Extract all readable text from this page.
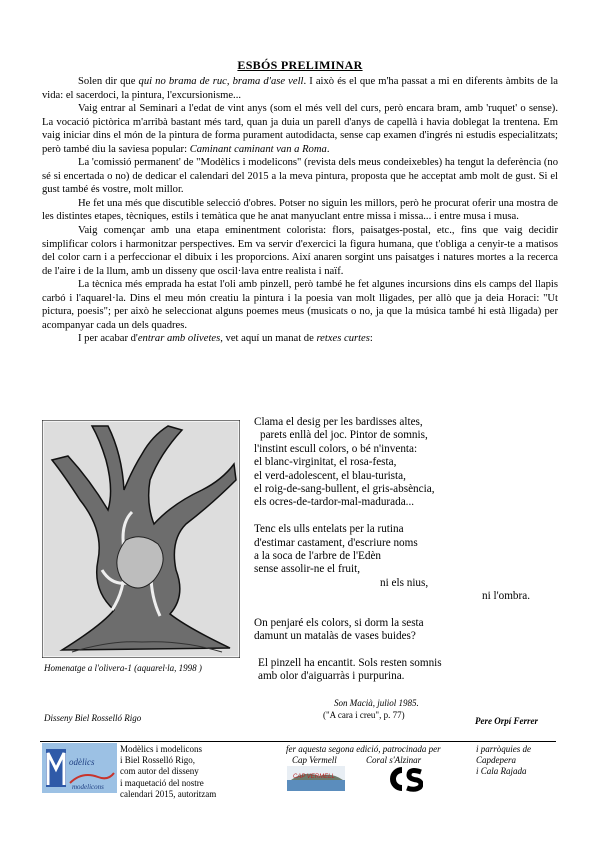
ESBÓS PRELIMINAR

Solen dir que qui no brama de ruc, brama d'ase vell. I això és el que m'ha passat a mi en diferents àmbits de la vida: el sacerdoci, la pintura, l'excursionisme...

Vaig entrar al Seminari a l'edat de vint anys (som el més vell del curs, però encara bram, amb 'ruquet' o sense). La vocació pictòrica m'arribà bastant més tard, quan ja duia un parell d'anys de capellà i havia doblegat la trentena. Em vaig iniciar dins el món de la pintura de forma purament autodidacta, sense cap examen d'ingrés ni estudis especialitzats; però també diu la saviesa popular: Caminant caminant van a Roma.

La 'comissió permanent' de "Modèlics i modelicons" (revista dels meus condeixebles) ha tengut la deferència (no sé si encertada o no) de dedicar el calendari del 2015 a la meva pintura, proposta que he acceptat amb molt de gust. Si el gust també és vostre, molt millor.

He fet una més que discutible selecció d'obres. Potser no siguin les millors, però he procurat oferir una mostra de les distintes etapes, tècniques, estils i temàtica que he anat manyuclant entre missa i missa... i entre musa i musa.

Vaig començar amb una etapa eminentment colorista: flors, paisatges-postal, etc., fins que vaig decidir simplificar colors i harmonitzar perspectives. Em va servir d'exercici la figura humana, que t'obliga a cenyir-te a matisos del color carn i a perfeccionar el dibuix i les proporcions. Així anaren sorgint uns paisatges i natures mortes a la recerca de l'aire i de la llum, amb un disseny que oscil·lava entre realista i naïf.

La tècnica més emprada ha estat l'oli amb pinzell, però també he fet algunes incursions dins els camps del llapis carbó i l'aquarel·la. Dins el meu món creatiu la pintura i la poesia van molt lligades, per allò que ja deia Horaci: "Ut pictura, poesis"; per això he seleccionat alguns poemes meus (musicats o no, ja que la música també hi està lligada) per acompanyar cada un dels quadres.

I per acabar d'entrar amb olivetes, vet aquí un manat de retxes curtes:

Homenatge a l'olivera-1 (aquarel·la, 1998 )
Disseny Biel Rosselló Rigo
Clama el desig per les bardisses altes,
parets enllà del joc. Pintor de somnis,
l'instint escull colors, o bé n'inventa:
el blanc-virginitat, el rosa-festa,
el verd-adolescent, el blau-turista,
el roig-de-sang-bullent, el gris-absència,
els ocres-de-tardor-mal-madurada...
Tenc els ulls entelats per la rutina
d'estimar castament, d'escriure noms
a la soca de l'arbre de l'Edèn
sense assolir-ne el fruit,
ni els nius,
ni l'ombra.
On penjaré els colors, si dorm la sesta
damunt un matalàs de vases buides?
El pinzell ha encantit. Sols resten somnis
amb olor d'aiguarràs i purpurina.
Son Macià, juliol 1985.
("A cara i creu", p. 77)
Pere Orpí Ferrer
odèlics
modelicons
Modèlics i modelicons
i Biel Rosselló Rigo,
com autor del disseny
i maquetació del nostre
calendari 2015, autoritzam
fer aquesta segona edició, patrocinada per
Cap Vermell	Coral s'Alzinar
CAP VERMELL
i parròquies de
Capdepera
i Cala Rajada
